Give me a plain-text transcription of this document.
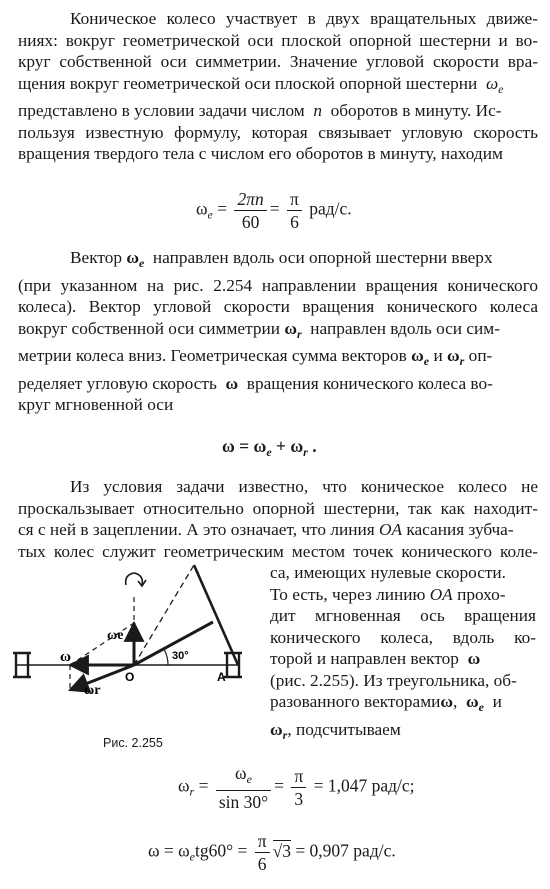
Коническое колесо участвует в двух вращательных движе-
ниях: вокруг геометрической оси плоской опорной шестерни и во-
круг собственной оси симметрии. Значение угловой скорости вра-
щения вокруг геометрической оси плоской опорной шестерни $\omega_e$
представлено в условии задачи числом n оборотов в минуту. Ис-
пользуя известную формулу, которая связывает угловую скорость
вращения твердого тела с числом его оборотов в минуту, находим
$\omega_e = \frac{2\pi n}{60} = \frac{\pi}{6} рад/с$.
Вектор $\omega_e$ направлен вдоль оси опорной шестерни вверх
(при указанном на рис. 2.254 направлении вращения конического
колеса). Вектор угловой скорости вращения конического колеса
вокруг собственной оси симметрии $\omega_r$ направлен вдоль оси сим-
метрии колеса вниз. Геометрическая сумма векторов $\omega_e$ и $\omega_r$ оп-
ределяет угловую скорость ω вращения конического колеса во-
круг мгновенной оси
$\omega = \omega_e + \omega_r$ .
Из условия задачи известно, что коническое колесо не
проскальзывает относительно опорной шестерни, так как находит-
ся с ней в зацеплении. А это означает, что линия OA касания зубча-
тых колес служит геометрическим местом точек конического коле-
са, имеющих нулевые скорости.
То есть, через линию OA прохо-
дит мгновенная ось вращения
конического колеса, вдоль ко-
торой и направлен вектор ω
(рис. 2.255). Из треугольника, об-
разованного векторамиω,  $\omega_e$ и
$\omega_r$, подсчитываем
ωe
ω
ωr
O	A
30°
Рис. 2.255
$\omega_r = \frac{\omega_e}{\sin 30^\circ} = \frac{\pi}{3} = 1,047$ рад/с;
$\omega = \omega_etg60^\circ = \frac{\pi}{6} √3 = 0,907$ рад/с.
